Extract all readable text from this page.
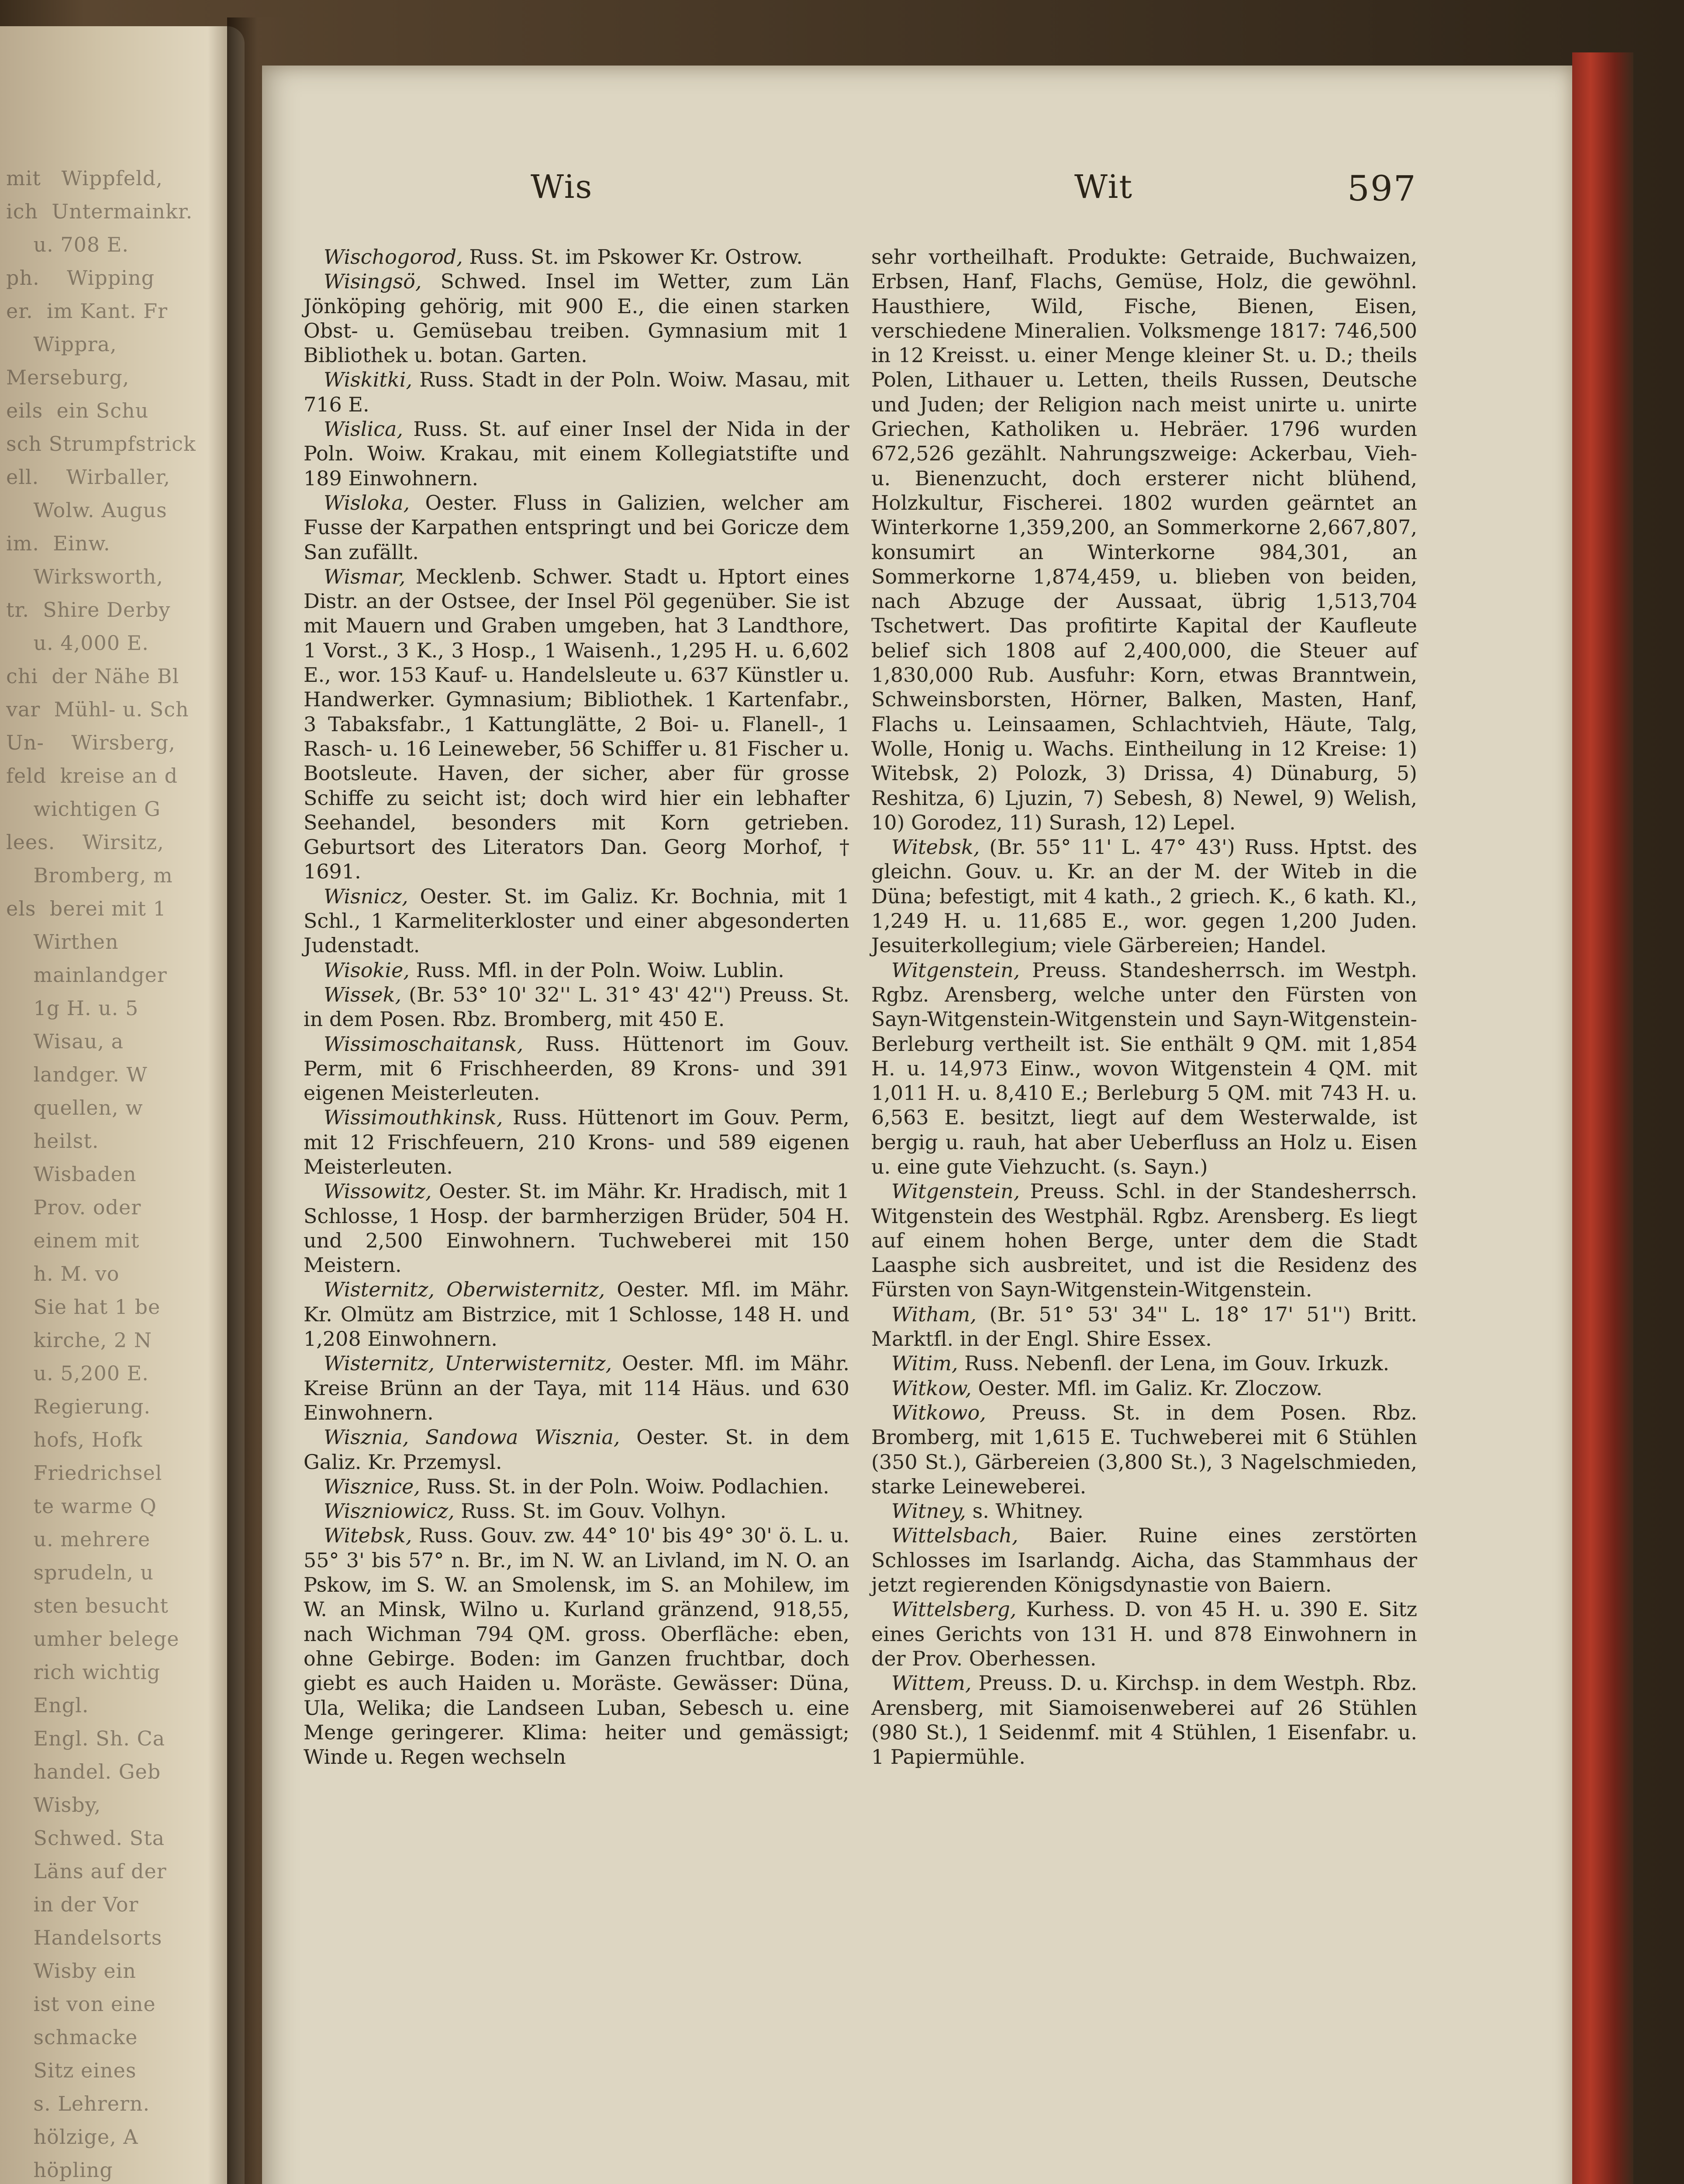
mit   Wippfeld,
ich  Untermainkr.
u. 708 E.
ph.    Wipping
er.  im Kant. Fr
Wippra,
Merseburg,
eils  ein Schu
sch Strumpfstrick
ell.    Wirballer,
Wolw. Augus
im.  Einw.
Wirksworth,
tr.  Shire Derby
u. 4,000 E.
chi  der Nähe Bl
var  Mühl- u. Sch
Un-    Wirsberg,
feld  kreise an d
wichtigen G
lees.    Wirsitz,
Bromberg, m
els  berei mit 1
Wirthen
mainlandger
1g H. u. 5
Wisau, a
landger. W
quellen, w
heilst.
Wisbaden
Prov. oder
einem mit
h. M. vo
Sie hat 1 be
kirche, 2 N
u. 5,200 E.
Regierung.
hofs, Hofk
Friedrichsel
te warme Q
u. mehrere
sprudeln, u
sten besucht
umher belege
rich wichtig
Engl.
Engl. Sh. Ca
handel. Geb
Wisby,
Schwed. Sta
Läns auf der
in der Vor
Handelsorts
Wisby ein
ist von eine
schmacke
Sitz eines
s. Lehrern.
hölzige, A
höpling
Wis	Wit	597

 Wischogorod, Russ. St. im Pskower Kr. Ostrow.

 Wisingsö, Schwed. Insel im Wetter, zum Län Jönköping gehörig, mit 900 E., die einen starken Obst- u. Gemüsebau treiben. Gymnasium mit 1 Bibliothek u. botan. Garten.

 Wiskitki, Russ. Stadt in der Poln. Woiw. Masau, mit 716 E.

 Wislica, Russ. St. auf einer Insel der Nida in der Poln. Woiw. Krakau, mit einem Kollegiatstifte und 189 Einwohnern.

 Wisloka, Oester. Fluss in Galizien, welcher am Fusse der Karpathen entspringt und bei Goricze dem San zufällt.

 Wismar, Mecklenb. Schwer. Stadt u. Hptort eines Distr. an der Ostsee, der Insel Pöl gegenüber. Sie ist mit Mauern und Graben umgeben, hat 3 Landthore, 1 Vorst., 3 K., 3 Hosp., 1 Waisenh., 1,295 H. u. 6,602 E., wor. 153 Kauf- u. Handelsleute u. 637 Künstler u. Handwerker. Gymnasium; Bibliothek. 1 Kartenfabr., 3 Tabaksfabr., 1 Kattunglätte, 2 Boi- u. Flanell-, 1 Rasch- u. 16 Leineweber, 56 Schiffer u. 81 Fischer u. Bootsleute. Haven, der sicher, aber für grosse Schiffe zu seicht ist; doch wird hier ein lebhafter Seehandel, besonders mit Korn getrieben. Geburtsort des Literators Dan. Georg Morhof, † 1691.

 Wisnicz, Oester. St. im Galiz. Kr. Bochnia, mit 1 Schl., 1 Karmeliterkloster und einer abgesonderten Judenstadt.

 Wisokie, Russ. Mfl. in der Poln. Woiw. Lublin.

 Wissek, (Br. 53° 10' 32'' L. 31° 43' 42'') Preuss. St. in dem Posen. Rbz. Bromberg, mit 450 E.

 Wissimoschaitansk, Russ. Hüttenort im Gouv. Perm, mit 6 Frischheerden, 89 Krons- und 391 eigenen Meisterleuten.

 Wissimouthkinsk, Russ. Hüttenort im Gouv. Perm, mit 12 Frischfeuern, 210 Krons- und 589 eigenen Meisterleuten.

 Wissowitz, Oester. St. im Mähr. Kr. Hradisch, mit 1 Schlosse, 1 Hosp. der barmherzigen Brüder, 504 H. und 2,500 Einwohnern. Tuchweberei mit 150 Meistern.

 Wisternitz, Oberwisternitz, Oester. Mfl. im Mähr. Kr. Olmütz am Bistrzice, mit 1 Schlosse, 148 H. und 1,208 Einwohnern.

 Wisternitz, Unterwisternitz, Oester. Mfl. im Mähr. Kreise Brünn an der Taya, mit 114 Häus. und 630 Einwohnern.

 Wisznia, Sandowa Wisznia, Oester. St. in dem Galiz. Kr. Przemysl.

 Wisznice, Russ. St. in der Poln. Woiw. Podlachien.

 Wiszniowicz, Russ. St. im Gouv. Volhyn.

 Witebsk, Russ. Gouv. zw. 44° 10' bis 49° 30' ö. L. u. 55° 3' bis 57° n. Br., im N. W. an Livland, im N. O. an Pskow, im S. W. an Smolensk, im S. an Mohilew, im W. an Minsk, Wilno u. Kurland gränzend, 918,55, nach Wichman 794 QM. gross. Oberfläche: eben, ohne Gebirge. Boden: im Ganzen fruchtbar, doch giebt es auch Haiden u. Moräste. Gewässer: Düna, Ula, Welika; die Landseen Luban, Sebesch u. eine Menge geringerer. Klima: heiter und gemässigt; Winde u. Regen wechseln

sehr vortheilhaft. Produkte: Getraide, Buchwaizen, Erbsen, Hanf, Flachs, Gemüse, Holz, die gewöhnl. Hausthiere, Wild, Fische, Bienen, Eisen, verschiedene Mineralien. Volksmenge 1817: 746,500 in 12 Kreisst. u. einer Menge kleiner St. u. D.; theils Polen, Lithauer u. Letten, theils Russen, Deutsche und Juden; der Religion nach meist unirte u. unirte Griechen, Katholiken u. Hebräer. 1796 wurden 672,526 gezählt. Nahrungszweige: Ackerbau, Vieh- u. Bienenzucht, doch ersterer nicht blühend, Holzkultur, Fischerei. 1802 wurden geärntet an Winterkorne 1,359,200, an Sommerkorne 2,667,807, konsumirt an Winterkorne 984,301, an Sommerkorne 1,874,459, u. blieben von beiden, nach Abzuge der Aussaat, übrig 1,513,704 Tschetwert. Das profitirte Kapital der Kaufleute belief sich 1808 auf 2,400,000, die Steuer auf 1,830,000 Rub. Ausfuhr: Korn, etwas Branntwein, Schweinsborsten, Hörner, Balken, Masten, Hanf, Flachs u. Leinsaamen, Schlachtvieh, Häute, Talg, Wolle, Honig u. Wachs. Eintheilung in 12 Kreise: 1) Witebsk, 2) Polozk, 3) Drissa, 4) Dünaburg, 5) Reshitza, 6) Ljuzin, 7) Sebesh, 8) Newel, 9) Welish, 10) Gorodez, 11) Surash, 12) Lepel.

 Witebsk, (Br. 55° 11' L. 47° 43') Russ. Hptst. des gleichn. Gouv. u. Kr. an der M. der Witeb in die Düna; befestigt, mit 4 kath., 2 griech. K., 6 kath. Kl., 1,249 H. u. 11,685 E., wor. gegen 1,200 Juden. Jesuiterkollegium; viele Gärbereien; Handel.

 Witgenstein, Preuss. Standesherrsch. im Westph. Rgbz. Arensberg, welche unter den Fürsten von Sayn-Witgenstein-Witgenstein und Sayn-Witgenstein-Berleburg vertheilt ist. Sie enthält 9 QM. mit 1,854 H. u. 14,973 Einw., wovon Witgenstein 4 QM. mit 1,011 H. u. 8,410 E.; Berleburg 5 QM. mit 743 H. u. 6,563 E. besitzt, liegt auf dem Westerwalde, ist bergig u. rauh, hat aber Ueberfluss an Holz u. Eisen u. eine gute Viehzucht. (s. Sayn.)

 Witgenstein, Preuss. Schl. in der Standesherrsch. Witgenstein des Westphäl. Rgbz. Arensberg. Es liegt auf einem hohen Berge, unter dem die Stadt Laasphe sich ausbreitet, und ist die Residenz des Fürsten von Sayn-Witgenstein-Witgenstein.

 Witham, (Br. 51° 53' 34'' L. 18° 17' 51'') Britt. Marktfl. in der Engl. Shire Essex.

 Witim, Russ. Nebenfl. der Lena, im Gouv. Irkuzk.

 Witkow, Oester. Mfl. im Galiz. Kr. Zloczow.

 Witkowo, Preuss. St. in dem Posen. Rbz. Bromberg, mit 1,615 E. Tuchweberei mit 6 Stühlen (350 St.), Gärbereien (3,800 St.), 3 Nagelschmieden, starke Leineweberei.

 Witney, s. Whitney.

 Wittelsbach, Baier. Ruine eines zerstörten Schlosses im Isarlandg. Aicha, das Stammhaus der jetzt regierenden Königsdynastie von Baiern.

 Wittelsberg, Kurhess. D. von 45 H. u. 390 E. Sitz eines Gerichts von 131 H. und 878 Einwohnern in der Prov. Oberhessen.

 Wittem, Preuss. D. u. Kirchsp. in dem Westph. Rbz. Arensberg, mit Siamoisenweberei auf 26 Stühlen (980 St.), 1 Seidenmf. mit 4 Stühlen, 1 Eisenfabr. u. 1 Papiermühle.
